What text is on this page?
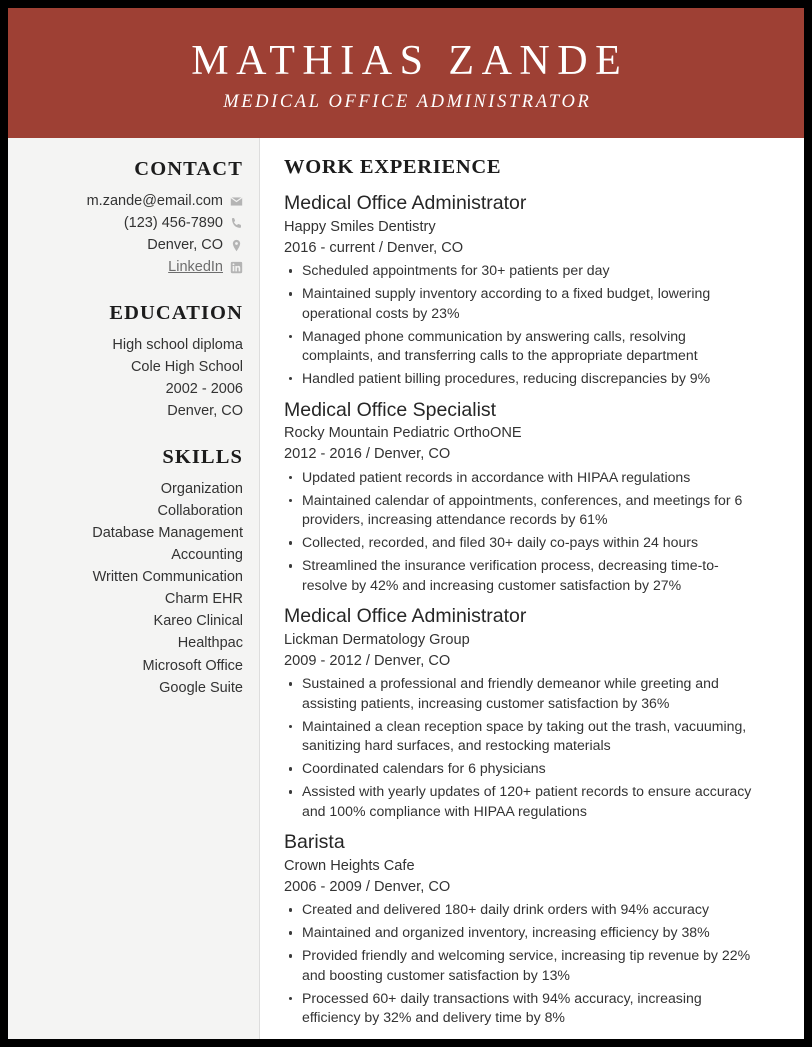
MATHIAS ZANDE
MEDICAL OFFICE ADMINISTRATOR
CONTACT
m.zande@email.com
(123) 456-7890
Denver, CO
LinkedIn
EDUCATION
High school diploma
Cole High School
2002 - 2006
Denver, CO
SKILLS
Organization
Collaboration
Database Management
Accounting
Written Communication
Charm EHR
Kareo Clinical
Healthpac
Microsoft Office
Google Suite
WORK EXPERIENCE
Medical Office Administrator
Happy Smiles Dentistry
2016 - current / Denver, CO
Scheduled appointments for 30+ patients per day
Maintained supply inventory according to a fixed budget, lowering operational costs by 23%
Managed phone communication by answering calls, resolving complaints, and transferring calls to the appropriate department
Handled patient billing procedures, reducing discrepancies by 9%
Medical Office Specialist
Rocky Mountain Pediatric OrthoONE
2012 - 2016 / Denver, CO
Updated patient records in accordance with HIPAA regulations
Maintained calendar of appointments, conferences, and meetings for 6 providers, increasing attendance records by 61%
Collected, recorded, and filed 30+ daily co-pays within 24 hours
Streamlined the insurance verification process, decreasing time-to-resolve by 42% and increasing customer satisfaction by 27%
Medical Office Administrator
Lickman Dermatology Group
2009 - 2012 / Denver, CO
Sustained a professional and friendly demeanor while greeting and assisting patients, increasing customer satisfaction by 36%
Maintained a clean reception space by taking out the trash, vacuuming, sanitizing hard surfaces, and restocking materials
Coordinated calendars for 6 physicians
Assisted with yearly updates of 120+ patient records to ensure accuracy and 100% compliance with HIPAA regulations
Barista
Crown Heights Cafe
2006 - 2009 / Denver, CO
Created and delivered 180+ daily drink orders with 94% accuracy
Maintained and organized inventory, increasing efficiency by 38%
Provided friendly and welcoming service, increasing tip revenue by 22% and boosting customer satisfaction by 13%
Processed 60+ daily transactions with 94% accuracy, increasing efficiency by 32% and delivery time by 8%
